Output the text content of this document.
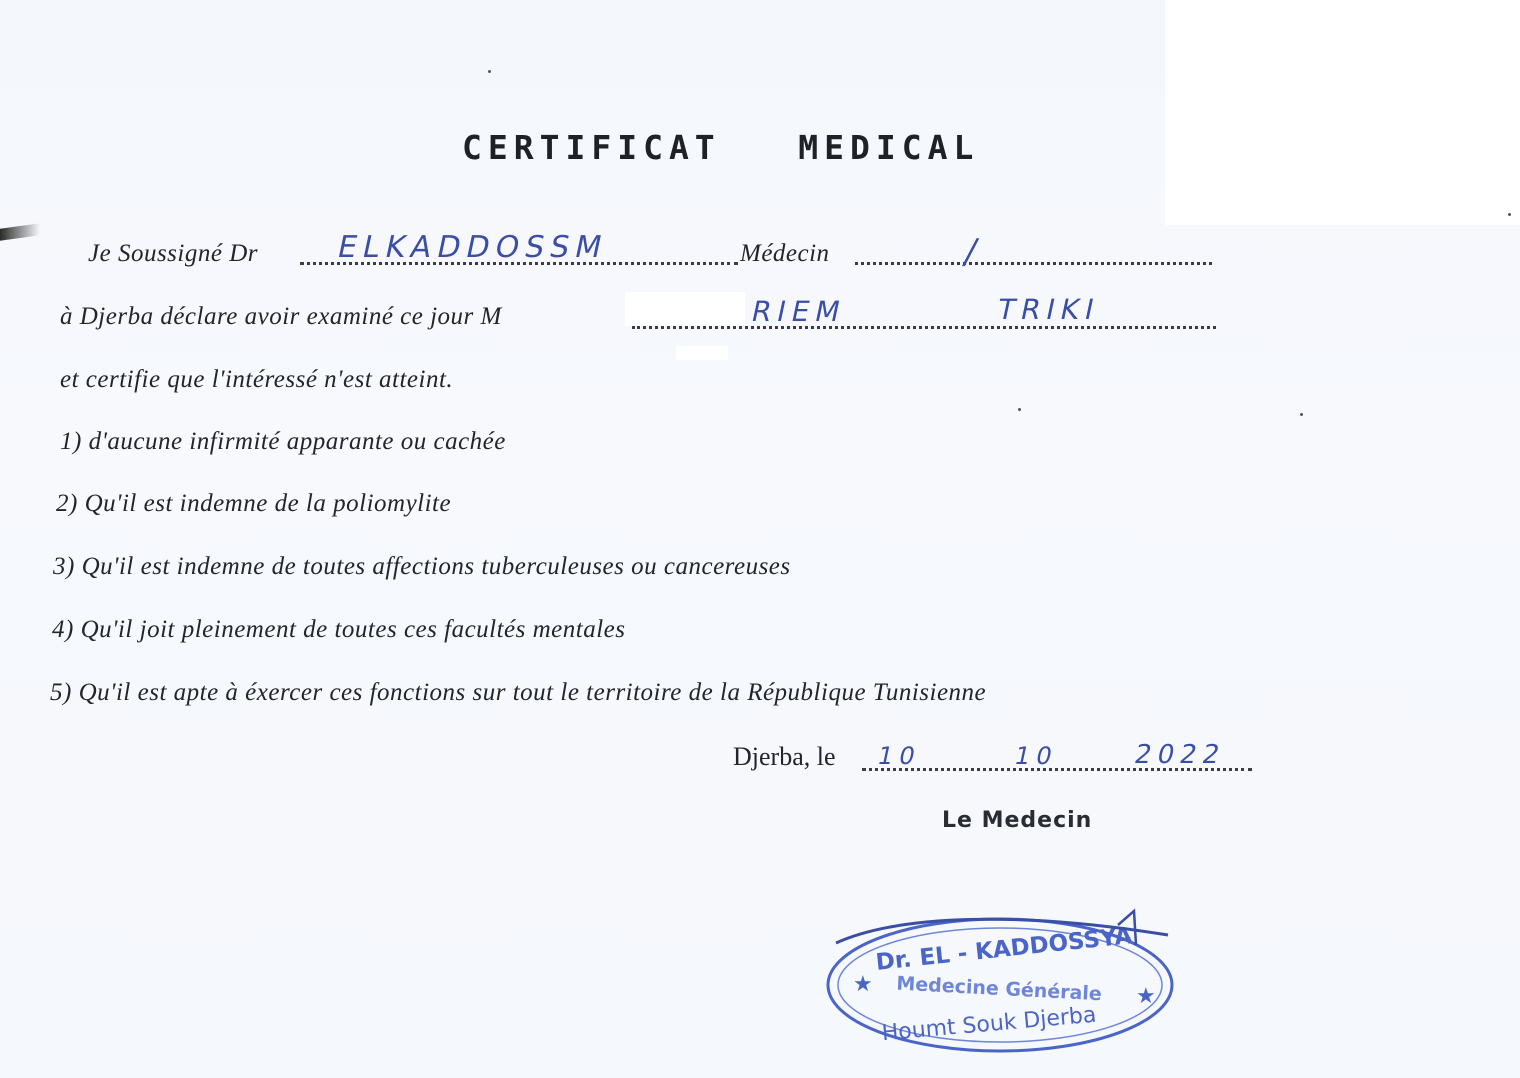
CERTIFICAT   MEDICAL
Je Soussigné Dr	ELKADDOSSM	Médecin	/
à Djerba déclare avoir examiné ce jour M	RIEM	TRIKI
et certifie que l'intéressé n'est atteint.
1) d'aucune infirmité apparante ou cachée
2) Qu'il est indemne de la poliomylite
3) Qu'il est indemne de toutes affections tuberculeuses ou cancereuses
4) Qu'il joit pleinement de toutes ces facultés mentales
5) Qu'il est apte à éxercer ces fonctions sur tout le territoire de la République Tunisienne
Djerba, le 10	10	2022
Le Medecin
★	★
Dr. EL - KADDOSSYA
Medecine Générale
Houmt Souk Djerba
